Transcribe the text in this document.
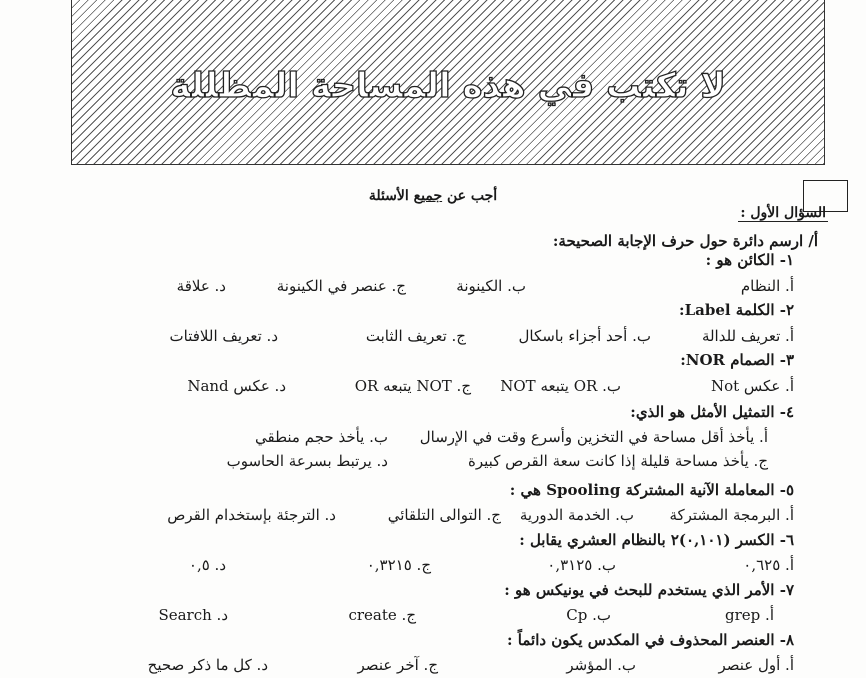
لا تكتب في هذه المساحة المظللة
أجب عن جميع الأسئلة
السؤال الأول :
أ/ ارسم دائرة حول حرف الإجابة الصحيحة:
١- الكائن هو :
أ. النظام
ب. الكينونة
ج. عنصر في الكينونة
د. علاقة
٢- الكلمة Label:
أ. تعريف للدالة
ب. أحد أجزاء باسكال
ج. تعريف الثابت
د. تعريف اللافتات
٣- الصمام NOR:
أ. عكس Not
ب. OR يتبعه NOT
ج. NOT يتبعه OR
د. عكس Nand
٤- التمثيل الأمثل هو الذي:
أ. يأخذ أقل مساحة في التخزين وأسرع وقت في الإرسال
ب. يأخذ حجم منطقي
ج. يأخذ مساحة قليلة إذا كانت سعة القرص كبيرة
د. يرتبط بسرعة الحاسوب
٥- المعاملة الآنية المشتركة Spooling هي :
أ. البرمجة المشتركة
ب. الخدمة الدورية
ج. التوالى التلقائي
د. الترجئة بإستخدام القرص
٦- الكسر (٠,١٠١)٢ بالنظام العشري يقابل :
أ. ٠,٦٢٥
ب. ٠,٣١٢٥
ج. ٠,٣٢١٥
د. ٠,٥
٧- الأمر الذي يستخدم للبحث في يونيكس هو :
أ. grep
ب. Cp
ج. create
د. Search
٨- العنصر المحذوف في المكدس يكون دائماً :
أ. أول عنصر
ب. المؤشر
ج. آخر عنصر
د. كل ما ذكر صحيح
